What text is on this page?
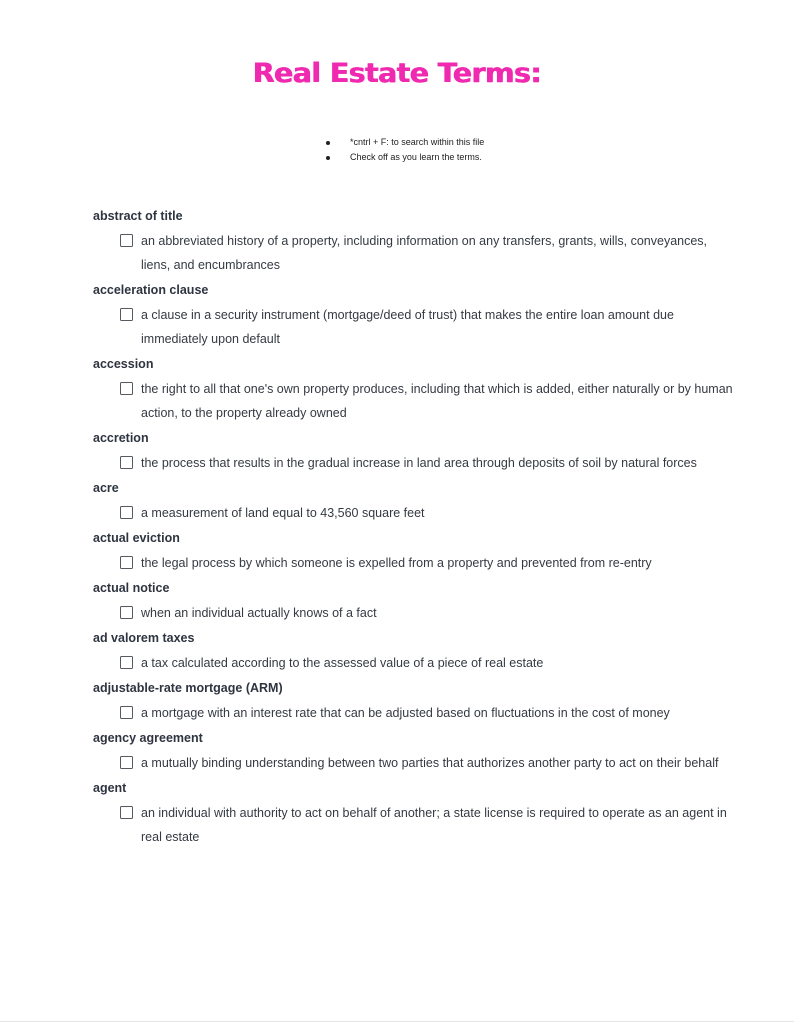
Real Estate Terms:
*cntrl + F: to search within this file
Check off as you learn the terms.
abstract of title
an abbreviated history of a property, including information on any transfers, grants, wills, conveyances, liens, and encumbrances
acceleration clause
a clause in a security instrument (mortgage/deed of trust) that makes the entire loan amount due immediately upon default
accession
the right to all that one's own property produces, including that which is added, either naturally or by human action, to the property already owned
accretion
the process that results in the gradual increase in land area through deposits of soil by natural forces
acre
a measurement of land equal to 43,560 square feet
actual eviction
the legal process by which someone is expelled from a property and prevented from re-entry
actual notice
when an individual actually knows of a fact
ad valorem taxes
a tax calculated according to the assessed value of a piece of real estate
adjustable-rate mortgage (ARM)
a mortgage with an interest rate that can be adjusted based on fluctuations in the cost of money
agency agreement
a mutually binding understanding between two parties that authorizes another party to act on their behalf
agent
an individual with authority to act on behalf of another; a state license is required to operate as an agent in real estate
